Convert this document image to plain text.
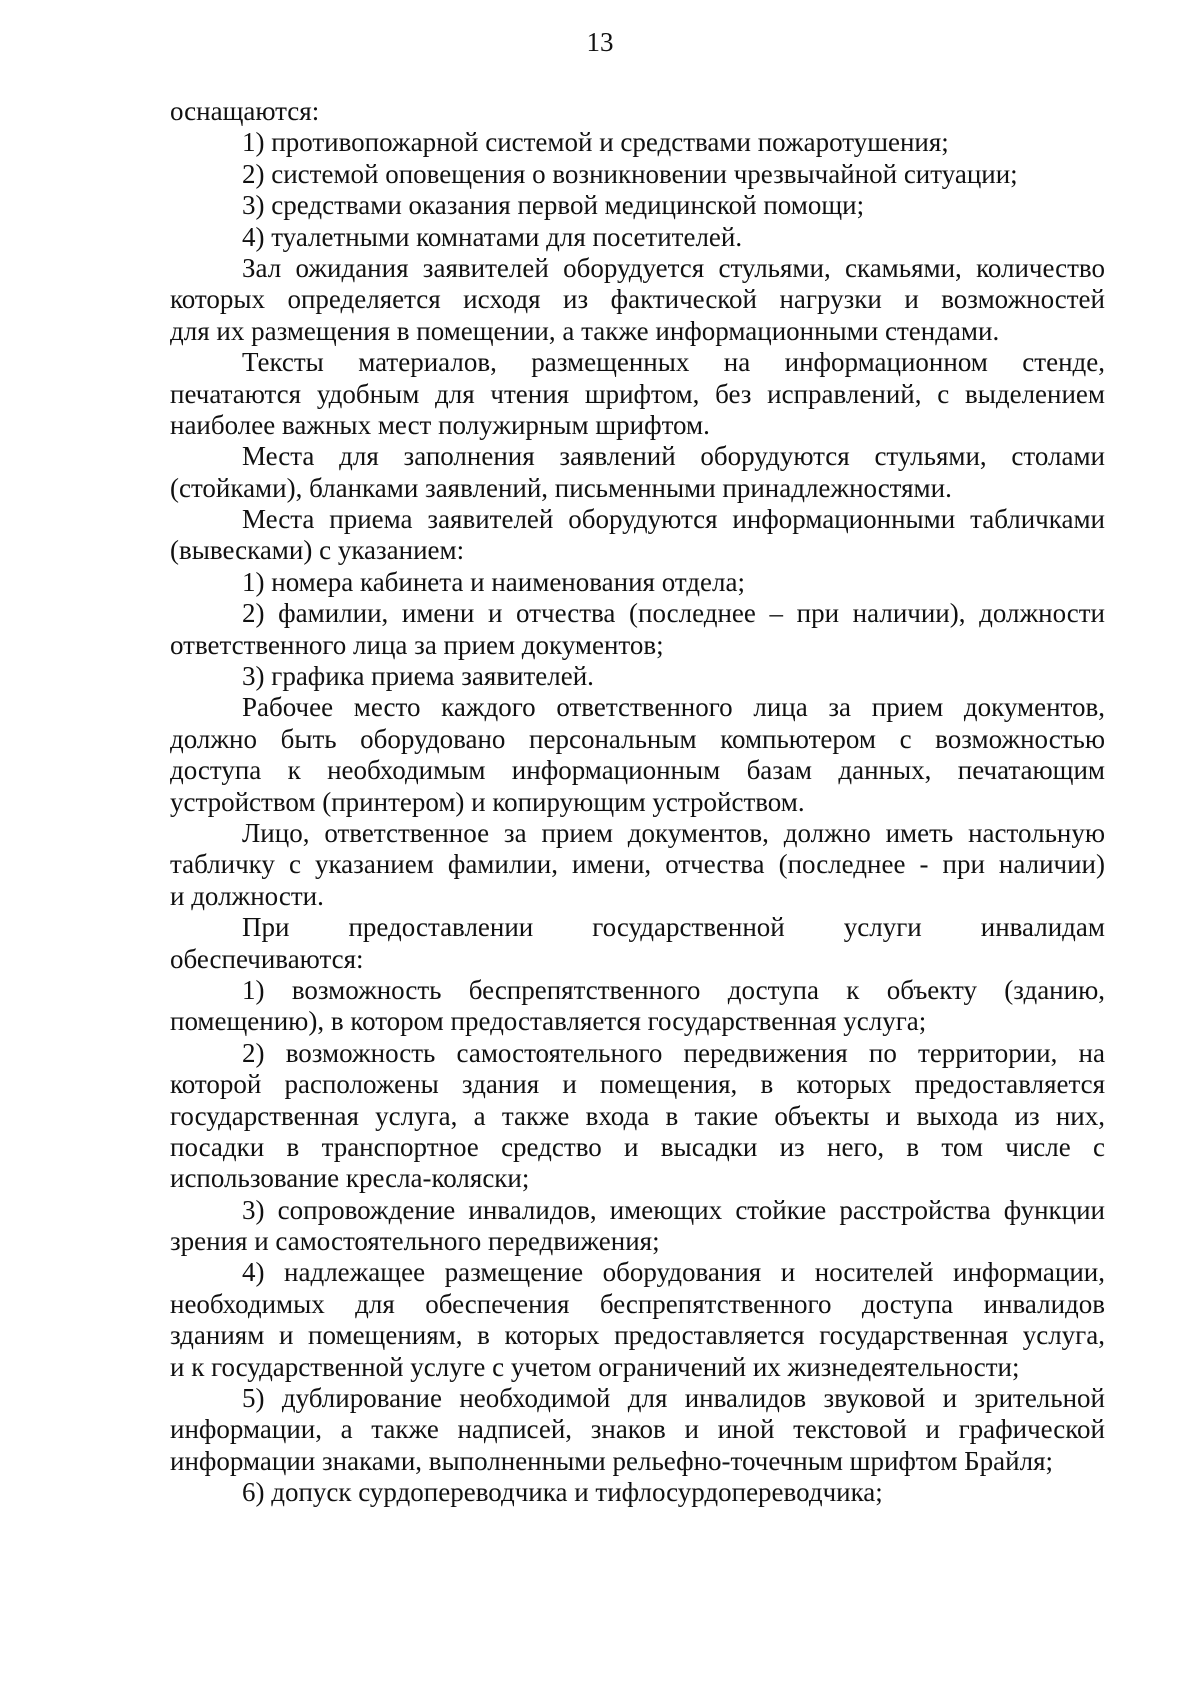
13
оснащаются:
1) противопожарной системой и средствами пожаротушения;
2) системой оповещения о возникновении чрезвычайной ситуации;
3) средствами оказания первой медицинской помощи;
4) туалетными комнатами для посетителей.
Зал ожидания заявителей оборудуется стульями, скамьями, количество
которых определяется исходя из фактической нагрузки и возможностей
для их размещения в помещении, а также информационными стендами.
Тексты материалов, размещенных на информационном стенде,
печатаются удобным для чтения шрифтом, без исправлений, с выделением
наиболее важных мест полужирным шрифтом.
Места для заполнения заявлений оборудуются стульями, столами
(стойками), бланками заявлений, письменными принадлежностями.
Места приема заявителей оборудуются информационными табличками
(вывесками) с указанием:
1) номера кабинета и наименования отдела;
2) фамилии, имени и отчества (последнее – при наличии), должности
ответственного лица за прием документов;
3) графика приема заявителей.
Рабочее место каждого ответственного лица за прием документов,
должно быть оборудовано персональным компьютером с возможностью
доступа к необходимым информационным базам данных, печатающим
устройством (принтером) и копирующим устройством.
Лицо, ответственное за прием документов, должно иметь настольную
табличку с указанием фамилии, имени, отчества (последнее - при наличии)
и должности.
При предоставлении государственной услуги инвалидам
обеспечиваются:
1) возможность беспрепятственного доступа к объекту (зданию,
помещению), в котором предоставляется государственная услуга;
2) возможность самостоятельного передвижения по территории, на
которой расположены здания и помещения, в которых предоставляется
государственная услуга, а также входа в такие объекты и выхода из них,
посадки в транспортное средство и высадки из него, в том числе с
использование кресла-коляски;
3) сопровождение инвалидов, имеющих стойкие расстройства функции
зрения и самостоятельного передвижения;
4) надлежащее размещение оборудования и носителей информации,
необходимых для обеспечения беспрепятственного доступа инвалидов
зданиям и помещениям, в которых предоставляется государственная услуга,
и к государственной услуге с учетом ограничений их жизнедеятельности;
5) дублирование необходимой для инвалидов звуковой и зрительной
информации, а также надписей, знаков и иной текстовой и графической
информации знаками, выполненными рельефно-точечным шрифтом Брайля;
6) допуск сурдопереводчика и тифлосурдопереводчика;
